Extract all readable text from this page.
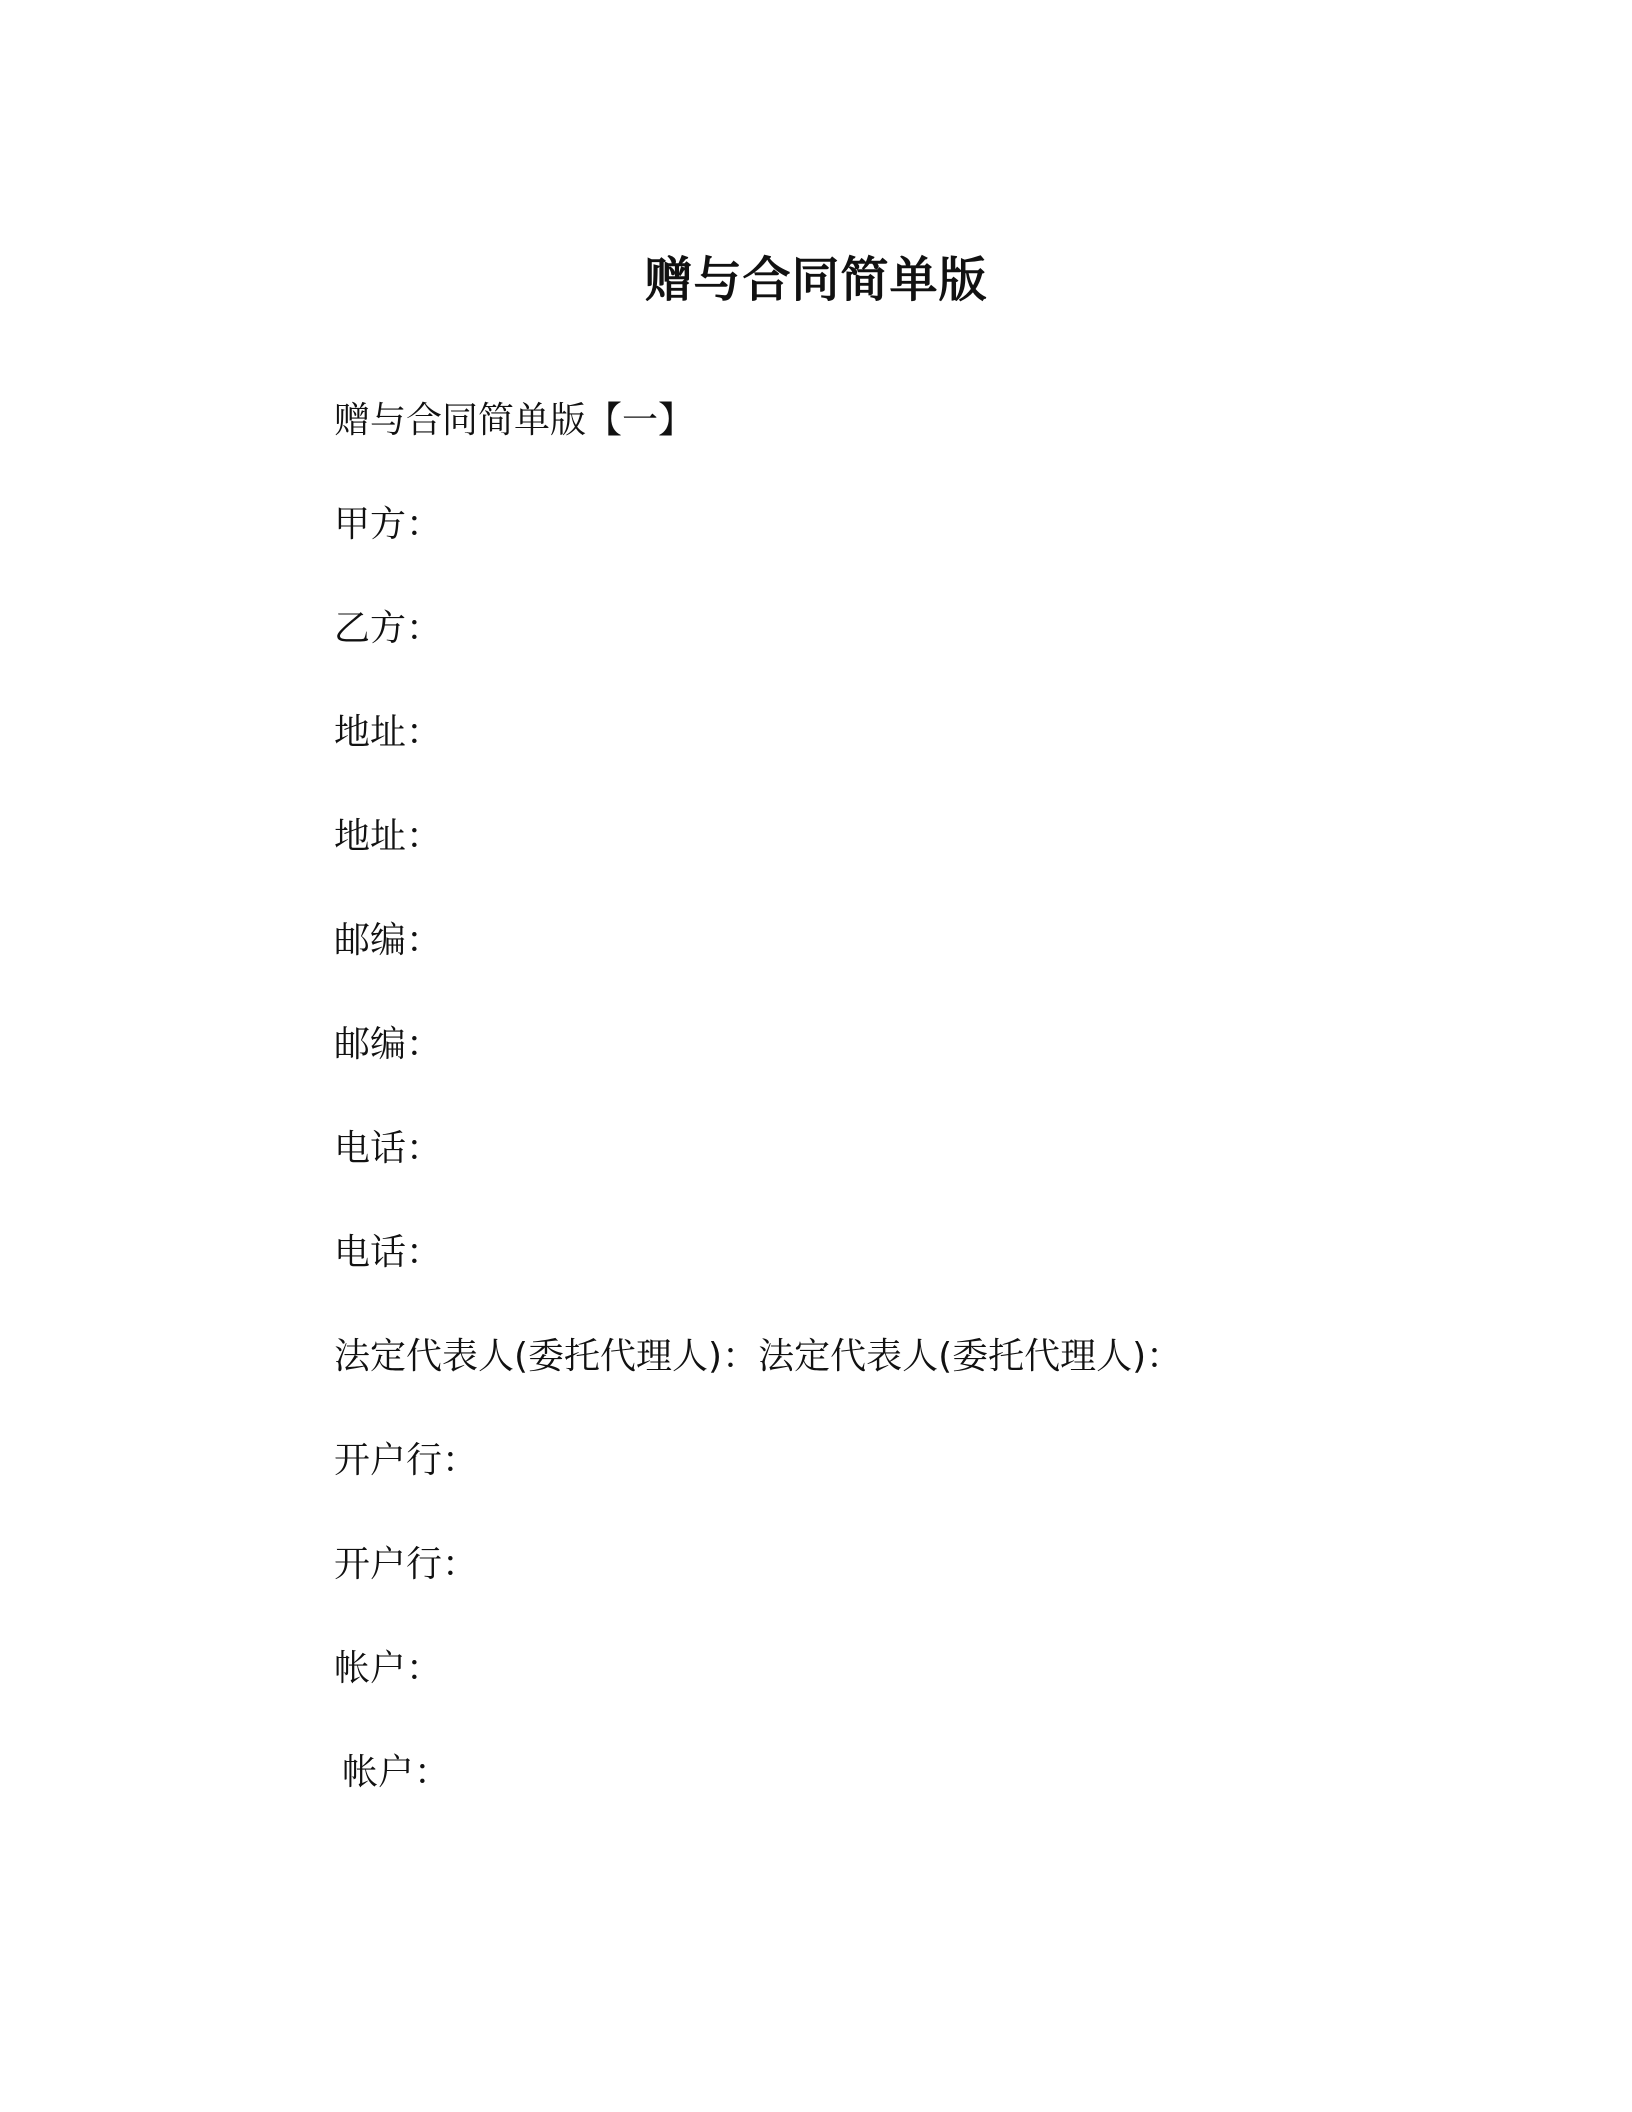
赠与合同简单版
赠与合同简单版【一】
甲方：
乙方：
地址：
地址：
邮编：
邮编：
电话：
电话：
法定代表人(委托代理人)：法定代表人(委托代理人)：
开户行：
开户行：
帐户：
帐户：
